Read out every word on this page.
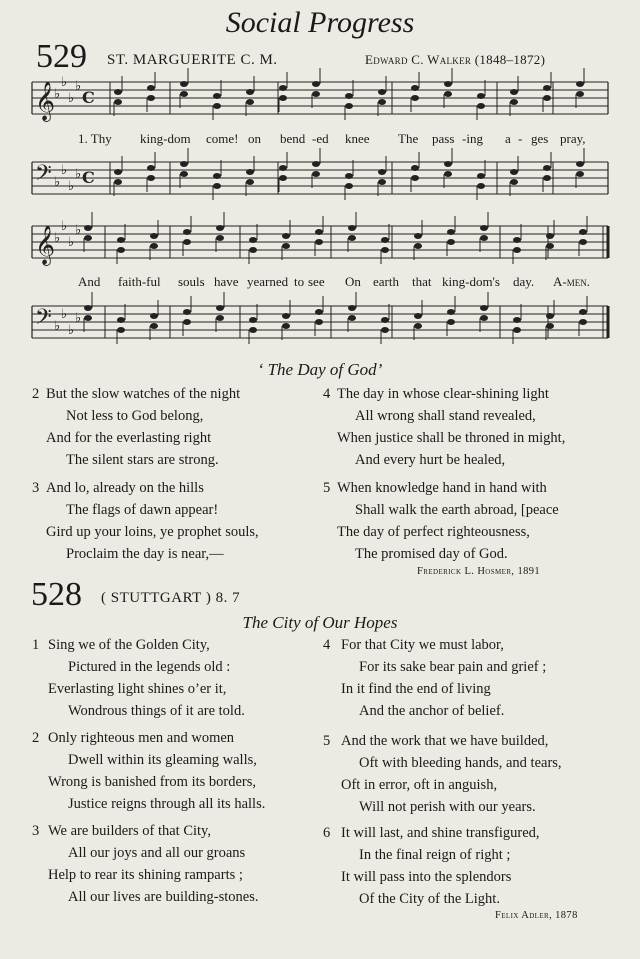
Social Progress
529 ST. MARGUERITE C. M.	Edward C. Walker (1848–1872)
𝄞
♭
♭
♭
♭
C
𝄢 ♭
♭
♭
♭ C
𝄞
♭
♭
♭
♭
𝄢 ♭
♭
♭
♭
1. Thy king-dom come! on bend -ed knee The pass -ing a - ges pray,
And faith-ful souls have yearned to see On earth that king-dom's day. A-men.
‘ The Day of God’
2 But the slow watches of the night
Not less to God belong,
And for the everlasting right
The silent stars are strong.
3 And lo, already on the hills
The flags of dawn appear!
Gird up your loins, ye prophet souls,
Proclaim the day is near,—
4 The day in whose clear-shining light
All wrong shall stand revealed,
When justice shall be throned in might,
And every hurt be healed,
5 When knowledge hand in hand with
Shall walk the earth abroad, [peace
The day of perfect righteousness,
The promised day of God.
Frederick L. Hosmer, 1891
528 ( STUTTGART ) 8. 7
The City of Our Hopes
1 Sing we of the Golden City,
Pictured in the legends old :
Everlasting light shines o’er it,
Wondrous things of it are told.
2 Only righteous men and women
Dwell within its gleaming walls,
Wrong is banished from its borders,
Justice reigns through all its halls.
3 We are builders of that City,
All our joys and all our groans
Help to rear its shining ramparts ;
All our lives are building-stones.
4 For that City we must labor,
For its sake bear pain and grief ;
In it find the end of living
And the anchor of belief.
5 And the work that we have builded,
Oft with bleeding hands, and tears,
Oft in error, oft in anguish,
Will not perish with our years.
6 It will last, and shine transfigured,
In the final reign of right ;
It will pass into the splendors
Of the City of the Light.
Felix Adler, 1878
